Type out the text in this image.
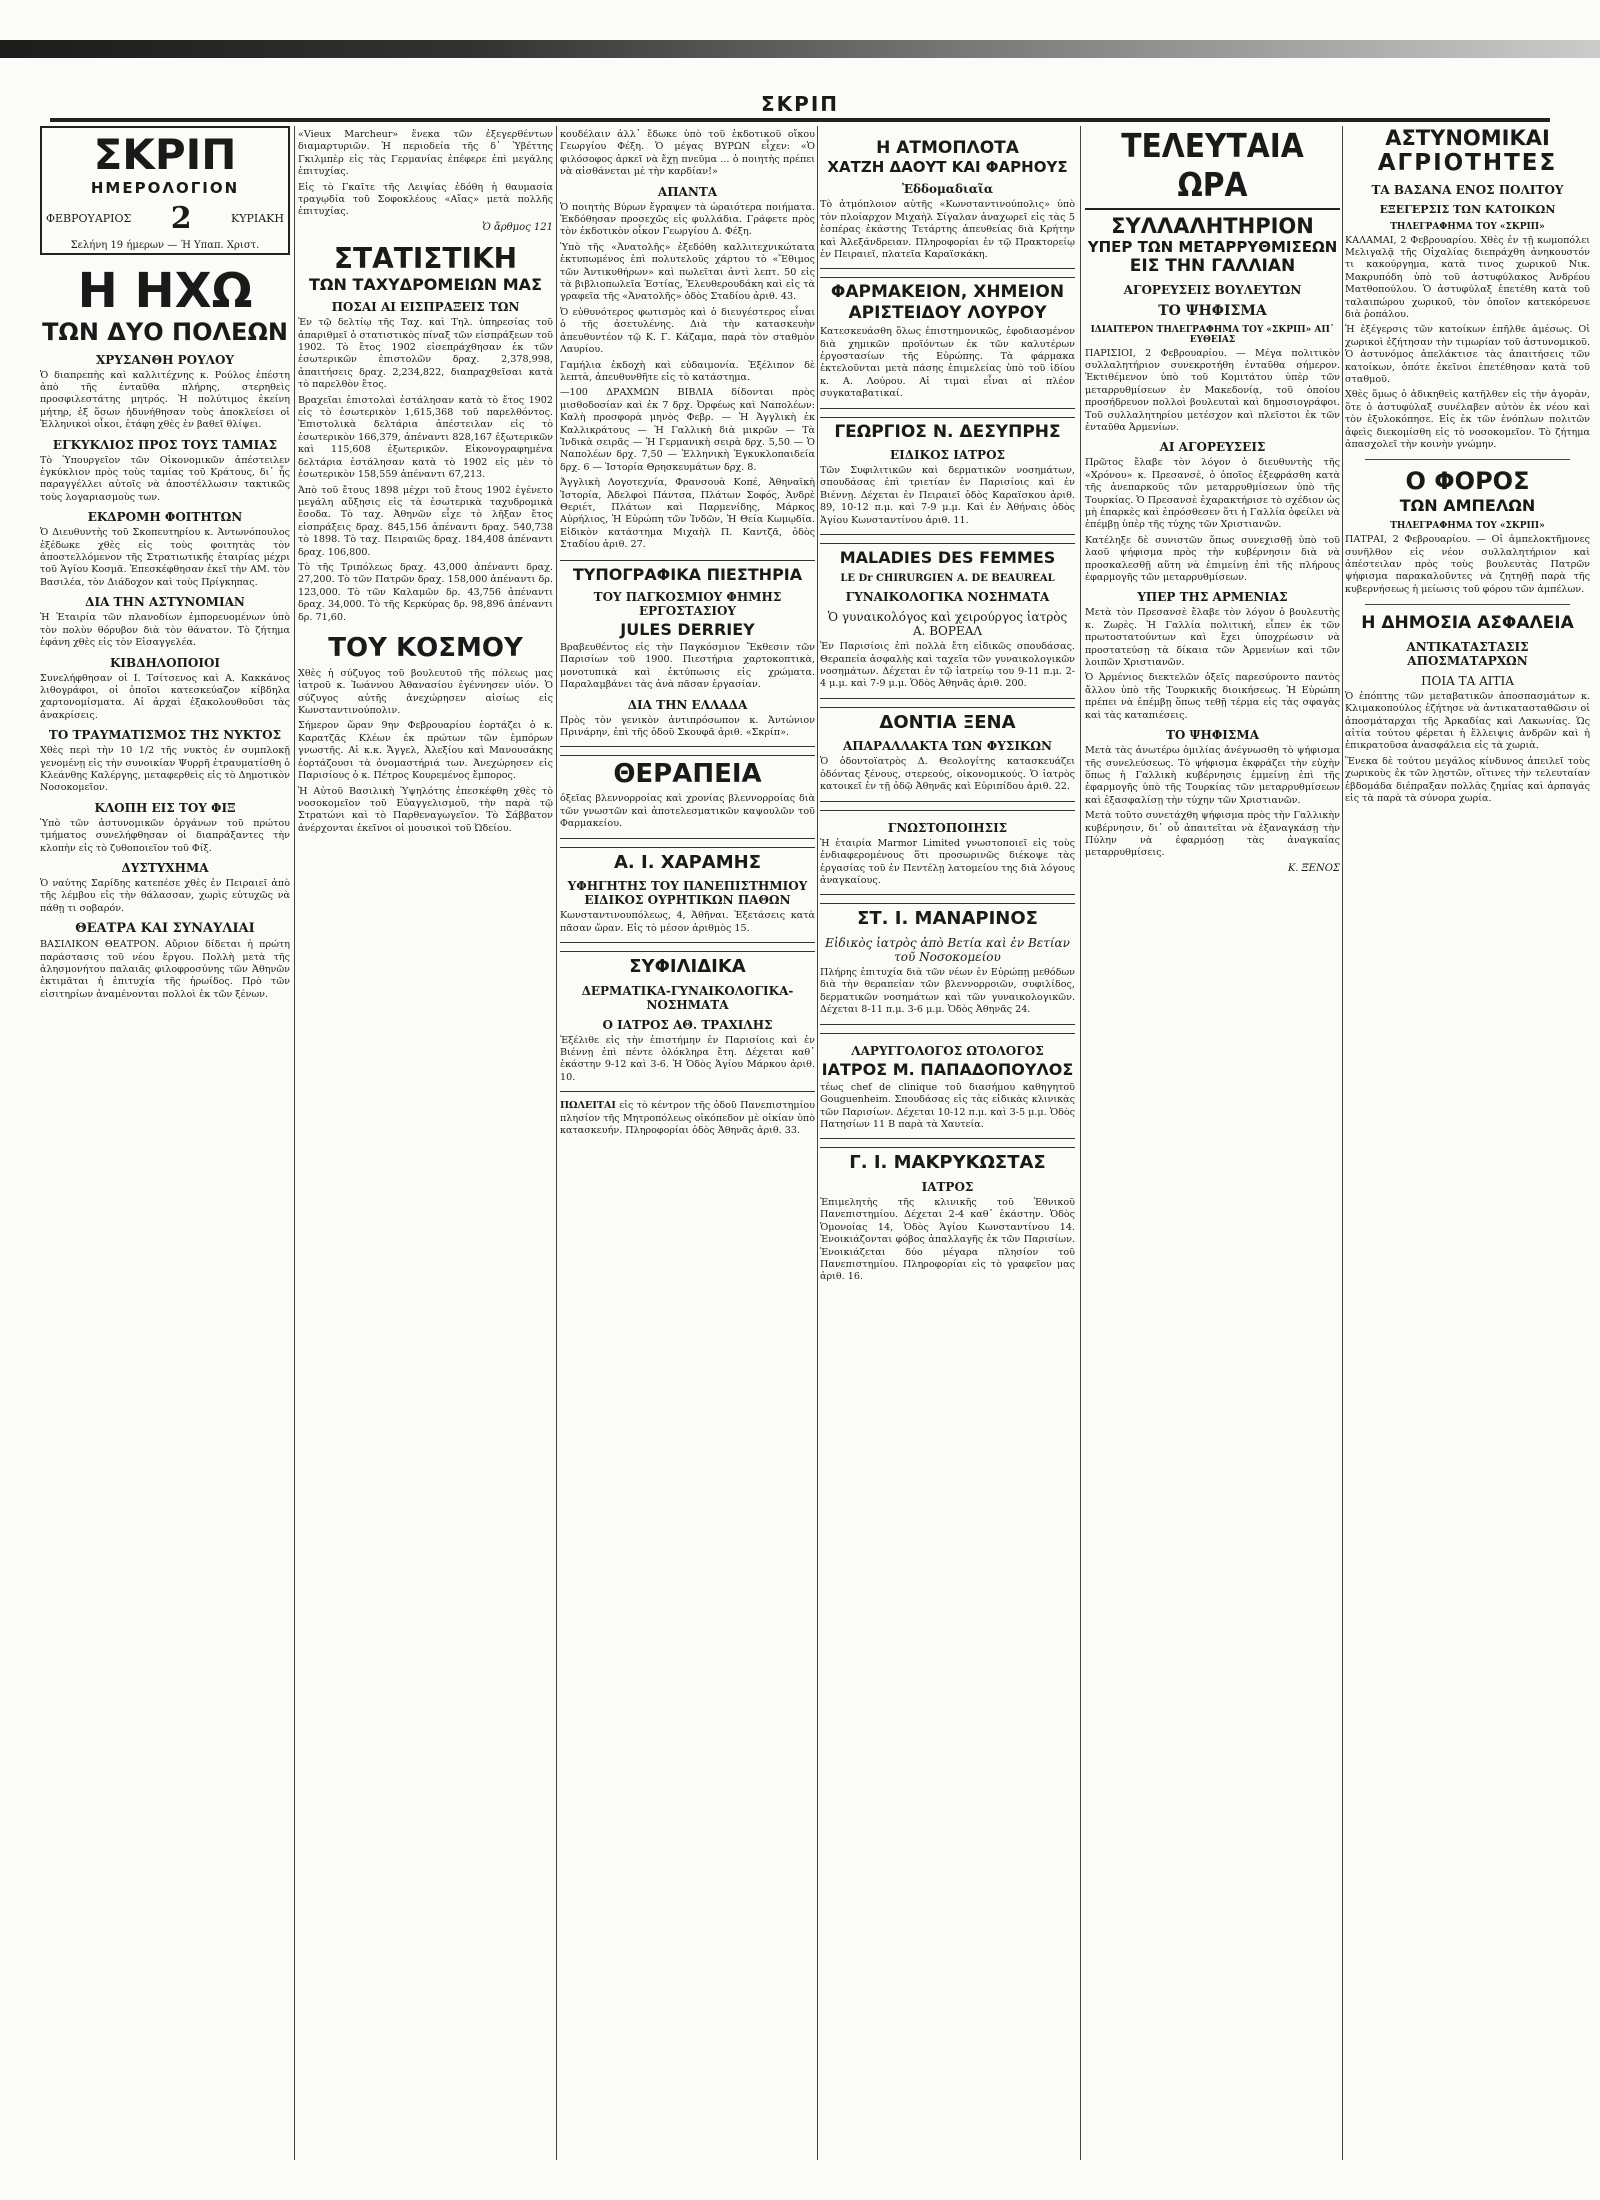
ΣΚΡΙΠ
ΣΚΡΙΠ
ΗΜΕΡΟΛΟΓΙΟΝ
ΦΕΒΡΟΥΑΡΙΟΣ 2	ΚΥΡΙΑΚΗ
Σελήνη 19 ήμερων — Ή Υπαπ. Χριστ.
Η ΗΧΩ
ΤΩΝ ΔΥΟ ΠΟΛΕΩΝ
ΧΡΥΣΑΝΘΗ ΡΟΥΛΟΥ

Ὁ διαπρεπὴς καὶ καλλιτέχνης κ. Ρούλος ἐπέστη ἀπὸ τῆς ἐνταῦθα πλήρης, στερηθεὶς προσφιλεστάτης μητρός. Ἡ πολύτιμος ἐκείνη μήτηρ, ἐξ ὅσων ἠδυνήθησαν τοὺς ἀποκλείσει οἱ Ἑλληνικοὶ οἶκοι, ἐτάφη χθὲς ἐν βαθεῖ θλίψει.

ΕΓΚΥΚΛΙΟΣ ΠΡΟΣ ΤΟΥΣ ΤΑΜΙΑΣ

Τὸ Ὑπουργεῖον τῶν Οἰκονομικῶν ἀπέστειλεν ἐγκύκλιον πρὸς τοὺς ταμίας τοῦ Κράτους, δι᾽ ἧς παραγγέλλει αὐτοῖς νὰ ἀποστέλλωσιν τακτικῶς τοὺς λογαριασμοὺς των.

ΕΚΔΡΟΜΗ ΦΟΙΤΗΤΩΝ

Ὁ Διευθυντὴς τοῦ Σκοπευτηρίου κ. Ἀντωνόπουλος ἐξέδωκε χθὲς εἰς τοὺς φοιτητὰς τὸν ἀποστελλόμενον τῆς Στρατιωτικῆς ἑταιρίας μέχρι τοῦ Ἁγίου Κοσμᾶ. Ἐπεσκέφθησαν ἐκεῖ τὴν ΑΜ. τὸν Βασιλέα, τὸν Διάδοχον καὶ τοὺς Πρίγκηπας.

ΔΙΑ ΤΗΝ ΑΣΤΥΝΟΜΙΑΝ

Ἡ Ἐταιρία τῶν πλανοδίων ἐμπορευομένων ὑπὸ τὸν πολὺν θόρυβον διὰ τὸν θάνατον. Τὸ ζήτημα ἐφάνη χθὲς εἰς τὸν Εἰσαγγελέα.

ΚΙΒΔΗΛΟΠΟΙΟΙ

Συνελήφθησαν οἱ Ι. Τσίτσενος καὶ Α. Κακκάνος λιθογράφοι, οἱ ὁποῖοι κατεσκεύαζον κίβδηλα χαρτονομίσματα. Αἱ ἀρχαὶ ἐξακολουθοῦσι τὰς ἀνακρίσεις.

ΤΟ ΤΡΑΥΜΑΤΙΣΜΟΣ ΤΗΣ ΝΥΚΤΟΣ

Χθὲς περὶ τὴν 10 1/2 τῆς νυκτὸς ἐν συμπλοκῇ γενομένῃ εἰς τὴν συνοικίαν Ψυρρῆ ἐτραυματίσθη ὁ Κλεάνθης Καλέργης, μεταφερθεὶς εἰς τὸ Δημοτικὸν Νοσοκομεῖον.

ΚΛΟΠΗ ΕΙΣ ΤΟΥ ΦΙΞ

Ὑπὸ τῶν ἀστυνομικῶν ὀργάνων τοῦ πρώτου τμήματος συνελήφθησαν οἱ διαπράξαντες τὴν κλοπὴν εἰς τὸ ζυθοποιεῖον τοῦ Φίξ.

ΔΥΣΤΥΧΗΜΑ

Ὁ ναύτης Σαρίδης κατεπέσε χθὲς ἐν Πειραιεῖ ἀπὸ τῆς λέμβου εἰς τὴν θάλασσαν, χωρὶς εὐτυχῶς νὰ πάθῃ τι σοβαρόν.

ΘΕΑΤΡΑ ΚΑΙ ΣΥΝΑΥΛΙΑΙ

ΒΑΣΙΛΙΚΟΝ ΘΕΑΤΡΟΝ. Αὔριον δίδεται ἡ πρώτη παράστασις τοῦ νέου ἔργου. Πολλὴ μετὰ τῆς ἀλησμονήτου παλαιᾶς φιλοφροσύνης τῶν Ἀθηνῶν ἐκτιμᾶται ἡ ἐπιτυχία τῆς ἡρωίδος. Πρὸ τῶν εἰσιτηρίων ἀναμένονται πολλοὶ ἐκ τῶν ξένων.

«Vieux Marcheur» ἕνεκα τῶν ἐξεγερθέντων διαμαρτυριῶν. Ἡ περιοδεία τῆς δ᾽ Ὑβέττης Γκιλμπὲρ εἰς τὰς Γερμανίας ἐπέφερε ἐπὶ μεγάλης ἐπιτυχίας.

Εἰς τὸ Γκαῖτε τῆς Λειψίας ἐδόθη ἡ θαυμασία τραγῳδία τοῦ Σοφοκλέους «Αἴας» μετὰ πολλῆς ἐπιτυχίας.

Ὁ ἄρθμος 121
ΣΤΑΤΙΣΤΙΚΗ
ΤΩΝ ΤΑΧΥΔΡΟΜΕΙΩΝ ΜΑΣ
ΠΟΣΑΙ ΑΙ ΕΙΣΠΡΑΞΕΙΣ ΤΩΝ

Ἐν τῷ δελτίῳ τῆς Ταχ. καὶ Τηλ. ὑπηρεσίας τοῦ ἀπαριθμεῖ ὁ στατιστικὸς πίναξ τῶν εἰσπράξεων τοῦ 1902. Τὸ ἔτος 1902 εἰσεπράχθησαν ἐκ τῶν ἐσωτερικῶν ἐπιστολῶν δραχ. 2,378,998, ἀπαιτήσεις δραχ. 2,234,822, διαπραχθεῖσαι κατὰ τὸ παρελθὸν ἔτος.

Βραχεῖαι ἐπιστολαὶ ἐστάλησαν κατὰ τὸ ἔτος 1902 εἰς τὸ ἐσωτερικὸν 1,615,368 τοῦ παρελθόντος. Ἐπιστολικὰ δελτάρια ἀπέστειλαν εἰς τὸ ἐσωτερικὸν 166,379, ἀπέναντι 828,167 ἐξωτερικῶν καὶ 115,608 ἐξωτερικῶν. Εἰκονογραφημένα δελτάρια ἐστάλησαν κατὰ τὸ 1902 εἰς μὲν τὸ ἐσωτερικὸν 158,559 ἀπέναντι 67,213.

Ἀπὸ τοῦ ἔτους 1898 μέχρι τοῦ ἔτους 1902 ἐγένετο μεγάλη αὔξησις εἰς τὰ ἐσωτερικὰ ταχυδρομικὰ ἔσοδα. Τὸ ταχ. Ἀθηνῶν εἶχε τὸ λῆξαν ἔτος εἰσπράξεις δραχ. 845,156 ἀπέναντι δραχ. 540,738 τὸ 1898. Τὸ ταχ. Πειραιῶς δραχ. 184,408 ἀπέναντι δραχ. 106,800.

Τὸ τῆς Τριπόλεως δραχ. 43,000 ἀπέναντι δραχ. 27,200. Τὸ τῶν Πατρῶν δραχ. 158,000 ἀπέναντι δρ. 123,000. Τὸ τῶν Καλαμῶν δρ. 43,756 ἀπέναντι δραχ. 34,000. Τὸ τῆς Κερκύρας δρ. 98,896 ἀπέναντι δρ. 71,60.

ΤΟΥ ΚΟΣΜΟΥ

Χθὲς ἡ σύζυγος τοῦ βουλευτοῦ τῆς πόλεως μας ἰατροῦ κ. Ἰωάννου Ἀθανασίου ἐγέννησεν υἱόν. Ὁ σύζυγος αὐτῆς ἀνεχώρησεν αἰσίως εἰς Κωνσταντινούπολιν.

Σήμερον ὥραν 9ην Φεβρουαρίου ἑορτάζει ὁ κ. Καρατζᾶς Κλέων ἐκ πρώτων τῶν ἐμπόρων γνωστῆς. Αἱ κ.κ. Ἄγγελ, Ἀλεξίου καὶ Μανουσάκης ἑορτάζουσι τὰ ὀνομαστήριά των. Ἀνεχώρησεν εἰς Παρισίους ὁ κ. Πέτρος Κουρεμένος ἔμπορος.

Ἡ Αὐτοῦ Βασιλικὴ Ὑψηλότης ἐπεσκέφθη χθὲς τὸ νοσοκομεῖον τοῦ Εὐαγγελισμοῦ, τὴν παρὰ τῷ Στρατώνι καὶ τὸ Παρθεναγωγεῖον. Τὸ Σάββατον ἀνέρχονται ἐκεῖνοι οἱ μουσικοὶ τοῦ Ὠδείου.

κουδέλαιν ἀλλ᾽ ἔδωκε ὑπὸ τοῦ ἐκδοτικοῦ οἴκου Γεωργίου Φέξη. Ὁ μέγας ΒΥΡΩΝ εἶχεν: «Ὁ φιλόσοφος ἀρκεῖ νὰ ἔχῃ πνεῦμα ... ὁ ποιητὴς πρέπει νὰ αἰσθάνεται μὲ τὴν καρδίαν!»

ΑΠΑΝΤΑ

Ὁ ποιητὴς Βύρων ἔγραψεν τὰ ὡραιότερα ποιήματα. Ἐκδόθησαν προσεχῶς εἰς φυλλάδια. Γράφετε πρὸς τὸν ἐκδοτικὸν οἶκον Γεωργίου Δ. Φέξη.

Ὑπὸ τῆς «Ἀνατολῆς» ἐξεδόθη καλλιτεχνικώτατα ἐκτυπωμένος ἐπὶ πολυτελοῦς χάρτου τὸ «Ἔθιμος τῶν Ἀντικυθήρων» καὶ πωλεῖται ἀντὶ λεπτ. 50 εἰς τὰ βιβλιοπωλεῖα Ἑστίας, Ἐλευθερουδάκη καὶ εἰς τὰ γραφεῖα τῆς «Ἀνατολῆς» ὁδὸς Σταδίου ἀριθ. 43.

Ὁ εὐθυνότερος φωτισμὸς καὶ ὁ διευγέστερος εἶναι ὁ τῆς ἀσετυλένης. Διὰ τὴν κατασκευὴν ἀπευθυντέον τῷ Κ. Γ. Κάζαμα, παρὰ τὸν σταθμὸν Λαυρίου.

Γαμήλια ἐκδοχὴ καὶ εὐδαιμονία. Ἐξέλιπον δὲ λεπτὰ, ἀπευθυνθῆτε εἰς τὸ κατάστημα.

—100 ΔΡΑΧΜΩΝ ΒΙΒΛΙΑ δίδονται πρὸς μισθοδοσίαν καὶ ἐκ 7 δρχ. Ὀρφέως καὶ Ναπολέων: Καλὴ προσφορὰ μηνὸς Φεβρ. — Ἡ Ἀγγλικὴ ἐκ Καλλικράτους — Ἡ Γαλλικὴ διὰ μικρῶν — Τὰ Ἰνδικὰ σειρᾶς — Ἡ Γερμανικὴ σειρὰ δρχ. 5,50 — Ὁ Ναπολέων δρχ. 7,50 — Ἑλληνικὴ Ἐγκυκλοπαιδεία δρχ. 6 — Ἱστορία Θρησκευμάτων δρχ. 8.

Ἀγγλικὴ Λογοτεχνία, Φρανσουὰ Κοπέ, Ἀθηναϊκὴ Ἱστορία, Ἀδελφοὶ Πάντσα, Πλάτων Σοφός, Ἀνδρὲ Θεριέτ, Πλάτων καὶ Παρμενίδης, Μάρκος Αὐρήλιος, Ἡ Εὐρώπη τῶν Ἰνδῶν, Ἡ Θεία Κωμῳδία. Εἰδικὸν κατάστημα Μιχαὴλ Π. Καντζᾶ, ὁδὸς Σταδίου ἀριθ. 27.

ΤΥΠΟΓΡΑΦΙΚΑ ΠΙΕΣΤΗΡΙΑ
ΤΟΥ ΠΑΓΚΟΣΜΙΟΥ ΦΗΜΗΣ ΕΡΓΟΣΤΑΣΙΟΥ
JULES DERRIEY

Βραβευθέντος εἰς τὴν Παγκόσμιον Ἔκθεσιν τῶν Παρισίων τοῦ 1900. Πιεστήρια χαρτοκοπτικὰ, μονοτυπικὰ καὶ ἐκτύπωσις εἰς χρώματα. Παραλαμβάνει τὰς ἀνὰ πᾶσαν ἐργασίαν.

ΔΙΑ ΤΗΝ ΕΛΛΑΔΑ

Πρὸς τὸν γενικὸν ἀντιπρόσωπον κ. Ἀντώνιον Πρινάρην, ἐπὶ τῆς ὁδοῦ Σκουφᾶ ἀριθ. «Σκρίπ».

ΘΕΡΑΠΕΙΑ

ὀξεῖας βλεννορροίας καὶ χρονίας βλεννορροίας διὰ τῶν γνωστῶν καὶ ἀποτελεσματικῶν καψουλῶν τοῦ Φαρμακείου.

Α. Ι. ΧΑΡΑΜΗΣ
ΥΦΗΓΗΤΗΣ ΤΟΥ ΠΑΝΕΠΙΣΤΗΜΙΟΥ ΕΙΔΙΚΟΣ ΟΥΡΗΤΙΚΩΝ ΠΑΘΩΝ

Κωνσταντινουπόλεως, 4, Ἀθῆναι. Ἐξετάσεις κατὰ πᾶσαν ὥραν. Εἰς τὸ μέσον ἀριθμὸς 15.

ΣΥΦΙΛΙΔΙΚΑ
ΔΕΡΜΑΤΙΚΑ-ΓΥΝΑΙΚΟΛΟΓΙΚΑ-ΝΟΣΗΜΑΤΑ
Ο ΙΑΤΡΟΣ ΑΘ. ΤΡΑΧΙΛΗΣ

Ἐξέλιθε εἰς τὴν ἐπιστήμην ἐν Παρισίοις καὶ ἐν Βιέννῃ ἐπὶ πέντε ὁλόκληρα ἔτη. Δέχεται καθ᾽ ἑκάστην 9-12 καὶ 3-6. Ἡ Ὁδὸς Ἁγίου Μάρκου ἀριθ. 10.

ΠΩΛΕΙΤΑΙ εἰς τὸ κέντρον τῆς ὁδοῦ Πανεπιστημίου πλησίον τῆς Μητροπόλεως οἰκόπεδον μὲ οἰκίαν ὑπὸ κατασκευήν. Πληροφορίαι ὁδὸς Ἀθηνᾶς ἀριθ. 33.

Η ΑΤΜΟΠΛΟΤΑ
ΧΑΤΖΗ ΔΑΟΥΤ ΚΑΙ ΦΑΡΗΟΥΣ
Ἐδδομαδιαῖα

Τὸ ἀτμόπλοιον αὐτῆς «Κωνσταντινούπολις» ὑπὸ τὸν πλοίαρχον Μιχαὴλ Σίγαλαν ἀναχωρεῖ εἰς τὰς 5 ἑσπέρας ἑκάστης Τετάρτης ἀπευθείας διὰ Κρήτην καὶ Ἀλεξάνδρειαν. Πληροφορίαι ἐν τῷ Πρακτορείῳ ἐν Πειραιεῖ, πλατεῖα Καραϊσκάκη.

ΦΑΡΜΑΚΕΙΟΝ, ΧΗΜΕΙΟΝ
ΑΡΙΣΤΕΙΔΟΥ ΛΟΥΡΟΥ

Κατεσκευάσθη ὅλως ἐπιστημονικῶς, ἐφοδιασμένον διὰ χημικῶν προϊόντων ἐκ τῶν καλυτέρων ἐργοστασίων τῆς Εὐρώπης. Τὰ φάρμακα ἐκτελοῦνται μετὰ πάσης ἐπιμελείας ὑπὸ τοῦ ἰδίου κ. Α. Λούρου. Αἱ τιμαὶ εἶναι αἱ πλέον συγκαταβατικαί.

ΓΕΩΡΓΙΟΣ Ν. ΔΕΣΥΠΡΗΣ
ΕΙΔΙΚΟΣ ΙΑΤΡΟΣ

Τῶν Συφιλιτικῶν καὶ δερματικῶν νοσημάτων, σπουδάσας ἐπὶ τριετίαν ἐν Παρισίοις καὶ ἐν Βιέννῃ. Δέχεται ἐν Πειραιεῖ ὁδὸς Καραϊσκου ἀριθ. 89, 10-12 π.μ. καὶ 7-9 μ.μ. Καὶ ἐν Ἀθήναις ὁδὸς Ἁγίου Κωνσταντίνου ἀριθ. 11.

MALADIES DES FEMMES
LE Dr CHIRURGIEN A. DE BEAUREAL
ΓΥΝΑΙΚΟΛΟΓΙΚΑ ΝΟΣΗΜΑΤΑ
Ὁ γυναικολόγος καὶ χειρούργος ἰατρὸς Α. ΒΟΡΕΑΛ

Ἐν Παρισίοις ἐπὶ πολλὰ ἔτη εἰδικῶς σπουδάσας. Θεραπεία ἀσφαλὴς καὶ ταχεῖα τῶν γυναικολογικῶν νοσημάτων. Δέχεται ἐν τῷ ἰατρείῳ του 9-11 π.μ. 2-4 μ.μ. καὶ 7-9 μ.μ. Ὁδὸς Ἀθηνᾶς ἀριθ. 200.

ΔΟΝΤΙΑ ΞΕΝΑ
ΑΠΑΡΑΛΛΑΚΤΑ ΤΩΝ ΦΥΣΙΚΩΝ

Ὁ ὀδοντοϊατρὸς Δ. Θεολογίτης κατασκευάζει ὀδόντας ξένους, στερεούς, οἰκονομικούς. Ὁ ἰατρὸς κατοικεῖ ἐν τῇ ὁδῷ Ἀθηνᾶς καὶ Εὐριπίδου ἀριθ. 22.

ΓΝΩΣΤΟΠΟΙΗΣΙΣ

Ἡ ἑταιρία Marmor Limited γνωστοποιεῖ εἰς τοὺς ἐνδιαφερομένους ὅτι προσωρινῶς διέκοψε τὰς ἐργασίας τοῦ ἐν Πεντέλῃ λατομείου της διὰ λόγους ἀναγκαίους.

ΣΤ. Ι. ΜΑΝΑΡΙΝΟΣ
Εἰδικὸς ἰατρὸς ἀπὸ Βετία καὶ ἐν Βετίαν τοῦ Νοσοκομείου

Πλήρης ἐπιτυχία διὰ τῶν νέων ἐν Εὐρώπῃ μεθόδων διὰ τὴν θεραπείαν τῶν βλεννορροιῶν, συφιλίδος, δερματικῶν νοσημάτων καὶ τῶν γυναικολογικῶν. Δέχεται 8-11 π.μ. 3-6 μ.μ. Ὁδὸς Ἀθηνᾶς 24.

ΛΑΡΥΓΓΟΛΟΓΟΣ ΩΤΟΛΟΓΟΣ
ΙΑΤΡΟΣ Μ. ΠΑΠΑΔΟΠΟΥΛΟΣ

τέως chef de clinique τοῦ διασήμου καθηγητοῦ Gouguenheim. Σπουδάσας εἰς τὰς εἰδικὰς κλινικὰς τῶν Παρισίων. Δέχεται 10-12 π.μ. καὶ 3-5 μ.μ. Ὁδὸς Πατησίων 11 Β παρὰ τὰ Χαυτεία.

Γ. Ι. ΜΑΚΡΥΚΩΣΤΑΣ
ΙΑΤΡΟΣ

Ἐπιμελητὴς τῆς κλινικῆς τοῦ Ἐθνικοῦ Πανεπιστημίου. Δέχεται 2-4 καθ᾽ ἑκάστην. Ὁδὸς Ὁμονοίας 14, Ὁδὸς Ἁγίου Κωνσταντίνου 14. Ἐνοικιάζονται φόβος ἀπαλλαγῆς ἐκ τῶν Παρισίων. Ἐνοικιάζεται δύο μέγαρα πλησίον τοῦ Πανεπιστημίου. Πληροφορίαι εἰς τὸ γραφεῖον μας ἀριθ. 16.

ΤΕΛΕΥΤΑΙΑ ΩΡΑ
ΣΥΛΛΑΛΗΤΗΡΙΟΝ
ΥΠΕΡ ΤΩΝ ΜΕΤΑΡΡΥΘΜΙΣΕΩΝ
ΕΙΣ ΤΗΝ ΓΑΛΛΙΑΝ
ΑΓΟΡΕΥΣΕΙΣ ΒΟΥΛΕΥΤΩΝ
ΤΟ ΨΗΦΙΣΜΑ
ΙΔΙΑΙΤΕΡΟΝ ΤΗΛΕΓΡΑΦΗΜΑ ΤΟΥ «ΣΚΡΙΠ» ΑΠ᾽ ΕΥΘΕΙΑΣ

ΠΑΡΙΣΙΟΙ, 2 Φεβρουαρίου. — Μέγα πολιτικὸν συλλαλητήριον συνεκροτήθη ἐνταῦθα σήμερον. Ἐκτιθέμενον ὑπὸ τοῦ Κομιτάτου ὑπὲρ τῶν μεταρρυθμίσεων ἐν Μακεδονίᾳ, τοῦ ὁποίου προσήδρευον πολλοὶ βουλευταὶ καὶ δημοσιογράφοι. Τοῦ συλλαλητηρίου μετέσχον καὶ πλεῖστοι ἐκ τῶν ἐνταῦθα Ἀρμενίων.

ΑΙ ΑΓΟΡΕΥΣΕΙΣ

Πρῶτος ἔλαβε τὸν λόγον ὁ διευθυντὴς τῆς «Χρόνου» κ. Πρεσανσὲ, ὁ ὁποῖος ἐξεφράσθη κατὰ τῆς ἀνεπαρκοῦς τῶν μεταρρυθμίσεων ὑπὸ τῆς Τουρκίας. Ὁ Πρεσανσὲ ἐχαρακτήρισε τὸ σχέδιον ὡς μὴ ἐπαρκὲς καὶ ἐπρόσθεσεν ὅτι ἡ Γαλλία ὀφείλει νὰ ἐπέμβῃ ὑπὲρ τῆς τύχης τῶν Χριστιανῶν.

Κατέληξε δὲ συνιστῶν ὅπως συνεχισθῇ ὑπὸ τοῦ λαοῦ ψήφισμα πρὸς τὴν κυβέρνησιν διὰ νὰ προσκαλεσθῇ αὕτη νὰ ἐπιμείνῃ ἐπὶ τῆς πλήρους ἐφαρμογῆς τῶν μεταρρυθμίσεων.

ΥΠΕΡ ΤΗΣ ΑΡΜΕΝΙΑΣ

Μετὰ τὸν Πρεσανσὲ ἔλαβε τὸν λόγον ὁ βουλευτὴς κ. Ζωρὲς. Ἡ Γαλλία πολιτική, εἶπεν ἐκ τῶν πρωτοστατούντων καὶ ἔχει ὑποχρέωσιν νὰ προστατεύσῃ τὰ δίκαια τῶν Ἀρμενίων καὶ τῶν λοιπῶν Χριστιανῶν.

Ὁ Ἀρμένιος διεκτελῶν ὀξεῖς παρεσύροντο παντὸς ἄλλου ὑπὸ τῆς Τουρκικῆς διοικήσεως. Ἡ Εὐρώπη πρέπει νὰ ἐπέμβῃ ὅπως τεθῇ τέρμα εἰς τὰς σφαγὰς καὶ τὰς καταπιέσεις.

ΤΟ ΨΗΦΙΣΜΑ

Μετὰ τὰς ἀνωτέρω ὁμιλίας ἀνέγνωσθη τὸ ψήφισμα τῆς συνελεύσεως. Τὸ ψήφισμα ἐκφράζει τὴν εὐχὴν ὅπως ἡ Γαλλικὴ κυβέρνησις ἐμμείνῃ ἐπὶ τῆς ἐφαρμογῆς ὑπὸ τῆς Τουρκίας τῶν μεταρρυθμίσεων καὶ ἐξασφαλίσῃ τὴν τύχην τῶν Χριστιανῶν.

Μετὰ τοῦτο συνετάχθη ψήφισμα πρὸς τὴν Γαλλικὴν κυβέρνησιν, δι᾽ οὗ ἀπαιτεῖται νὰ ἐξαναγκάσῃ τὴν Πύλην νὰ ἐφαρμόσῃ τὰς ἀναγκαίας μεταρρυθμίσεις.

Κ. ΞΕΝΟΣ
ΑΣΤΥΝΟΜΙΚΑΙ
ΑΓΡΙΟΤΗΤΕΣ
ΤΑ ΒΑΣΑΝΑ ΕΝΟΣ ΠΟΛΙΤΟΥ
ΕΞΕΓΕΡΣΙΣ ΤΩΝ ΚΑΤΟΙΚΩΝ
ΤΗΛΕΓΡΑΦΗΜΑ ΤΟΥ «ΣΚΡΙΠ»

ΚΑΛΑΜΑΙ, 2 Φεβρουαρίου. Χθὲς ἐν τῇ κωμοπόλει Μελιγαλᾷ τῆς Οἰχαλίας διεπράχθη ἀνηκουστόν τι κακούργημα, κατὰ τινος χωρικοῦ Νικ. Μακρυπόδη ὑπὸ τοῦ ἀστυφύλακος Ἀνδρέου Ματθοπούλου. Ὁ ἀστυφύλαξ ἐπετέθη κατὰ τοῦ ταλαιπώρου χωρικοῦ, τὸν ὁποῖον κατεκόρευσε διὰ ῥοπάλου.

Ἡ ἐξέγερσις τῶν κατοίκων ἐπῆλθε ἀμέσως. Οἱ χωρικοὶ ἐζήτησαν τὴν τιμωρίαν τοῦ ἀστυνομικοῦ. Ὁ ἀστυνόμος ἀπελάκτισε τὰς ἀπαιτήσεις τῶν κατοίκων, ὁπότε ἐκεῖνοι ἐπετέθησαν κατὰ τοῦ σταθμοῦ.

Χθὲς ὅμως ὁ ἀδικηθεὶς κατῆλθεν εἰς τὴν ἀγορὰν, ὅτε ὁ ἀστυφύλαξ συνέλαβεν αὐτὸν ἐκ νέου καὶ τὸν ἐξυλοκόπησε. Εἰς ἐκ τῶν ἐνόπλων πολιτῶν ἀφεὶς διεκομίσθη εἰς τὸ νοσοκομεῖον. Τὸ ζήτημα ἀπασχολεῖ τὴν κοινὴν γνώμην.

Ο ΦΟΡΟΣ
ΤΩΝ ΑΜΠΕΛΩΝ
ΤΗΛΕΓΡΑΦΗΜΑ ΤΟΥ «ΣΚΡΙΠ»

ΠΑΤΡΑΙ, 2 Φεβρουαρίου. — Οἱ ἀμπελοκτῆμονες συνῆλθον εἰς νέον συλλαλητήριον καὶ ἀπέστειλαν πρὸς τοὺς βουλευτὰς Πατρῶν ψήφισμα παρακαλοῦντες νὰ ζητηθῇ παρὰ τῆς κυβερνήσεως ἡ μείωσις τοῦ φόρου τῶν ἀμπέλων.

Η ΔΗΜΟΣΙΑ ΑΣΦΑΛΕΙΑ
ΑΝΤΙΚΑΤΑΣΤΑΣΙΣ ΑΠΟΣΜΑΤΑΡΧΩΝ
ΠΟΙΑ ΤΑ ΑΙΤΙΑ

Ὁ ἐπόπτης τῶν μεταβατικῶν ἀποσπασμάτων κ. Κλιμακοπούλος ἐζήτησε νὰ ἀντικατασταθῶσιν οἱ ἀποσμάταρχαι τῆς Ἀρκαδίας καὶ Λακωνίας. Ὡς αἰτία τούτου φέρεται ἡ ἔλλειψις ἀνδρῶν καὶ ἡ ἐπικρατοῦσα ἀνασφάλεια εἰς τὰ χωριὰ.

Ἕνεκα δὲ τούτου μεγάλος κίνδυνος ἀπειλεῖ τοὺς χωρικοὺς ἐκ τῶν λῃστῶν, οἵτινες τὴν τελευταίαν ἑβδομάδα διέπραξαν πολλὰς ζημίας καὶ ἀρπαγάς εἰς τὰ παρὰ τὰ σύνορα χωρία.
